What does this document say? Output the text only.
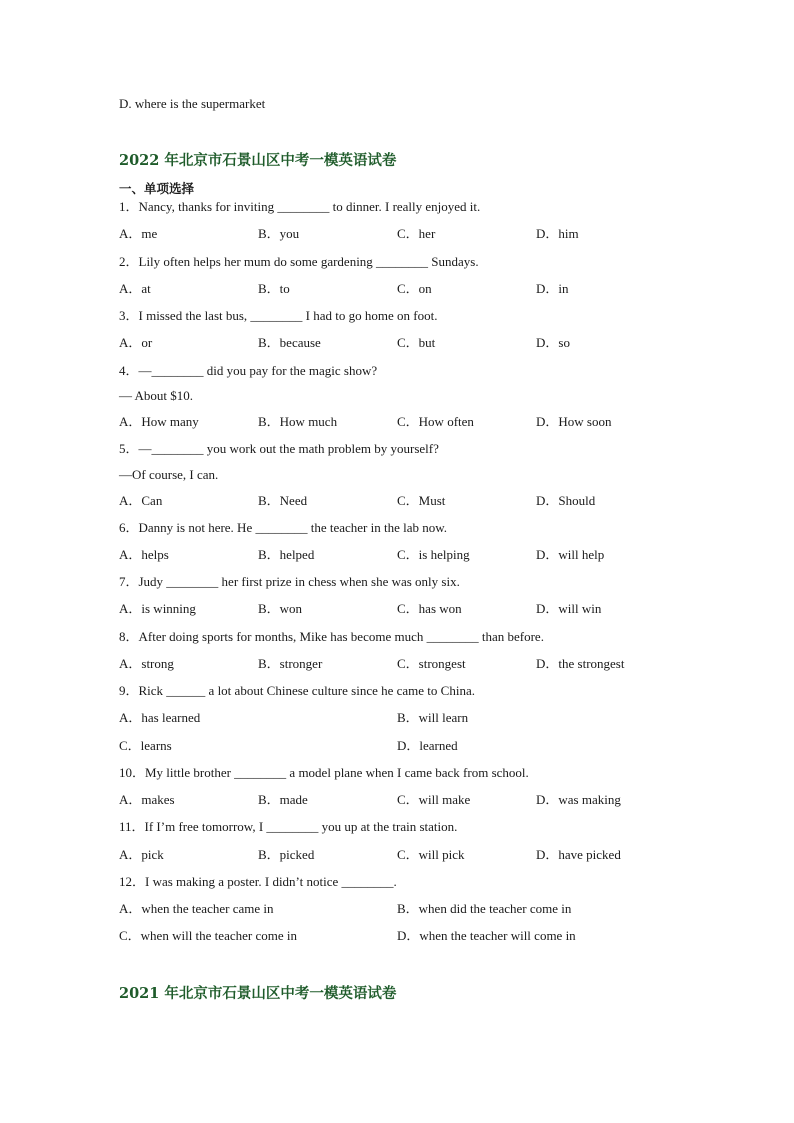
D. where is the supermarket
2022 年北京市石景山区中考一模英语试卷
一、单项选择
1．Nancy, thanks for inviting ________ to dinner. I really enjoyed it.
A．me	B．you	C．her	D．him
2．Lily often helps her mum do some gardening ________ Sundays.
A．at	B．to	C．on	D．in
3．I missed the last bus, ________ I had to go home on foot.
A．or	B．because	C．but	D．so
4．—________ did you pay for the magic show?
— About $10.
A．How many	B．How much	C．How often	D．How soon
5．—________ you work out the math problem by yourself?
—Of course, I can.
A．Can	B．Need	C．Must	D．Should
6．Danny is not here. He ________ the teacher in the lab now.
A．helps	B．helped	C．is helping	D．will help
7．Judy ________ her first prize in chess when she was only six.
A．is winning	B．won	C．has won	D．will win
8．After doing sports for months, Mike has become much ________ than before.
A．strong	B．stronger	C．strongest	D．the strongest
9．Rick ______ a lot about Chinese culture since he came to China.
A．has learned	B．will learn
C．learns	D．learned
10．My little brother ________ a model plane when I came back from school.
A．makes	B．made	C．will make	D．was making
11．If I’m free tomorrow, I ________ you up at the train station.
A．pick	B．picked	C．will pick	D．have picked
12．I was making a poster. I didn’t notice ________.
A．when the teacher came in	B．when did the teacher come in
C．when will the teacher come in	D．when the teacher will come in
2021 年北京市石景山区中考一模英语试卷
